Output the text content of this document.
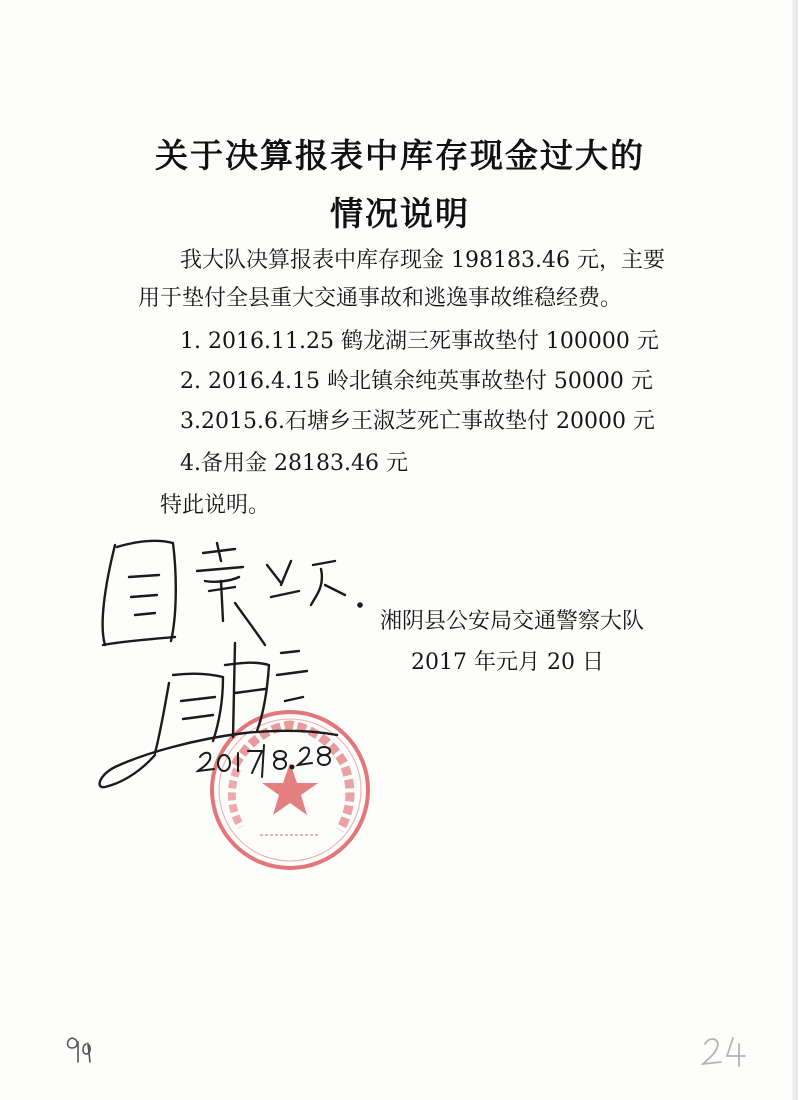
关于决算报表中库存现金过大的
情况说明
我大队决算报表中库存现金 198183.46 元，主要
用于垫付全县重大交通事故和逃逸事故维稳经费。
1. 2016.11.25 鹤龙湖三死事故垫付 100000 元
2. 2016.4.15 岭北镇余纯英事故垫付 50000 元
3.2015.6.石塘乡王淑芝死亡事故垫付 20000 元
4.备用金 28183.46 元
特此说明。
湘阴县公安局交通警察大队
2017 年元月 20 日
